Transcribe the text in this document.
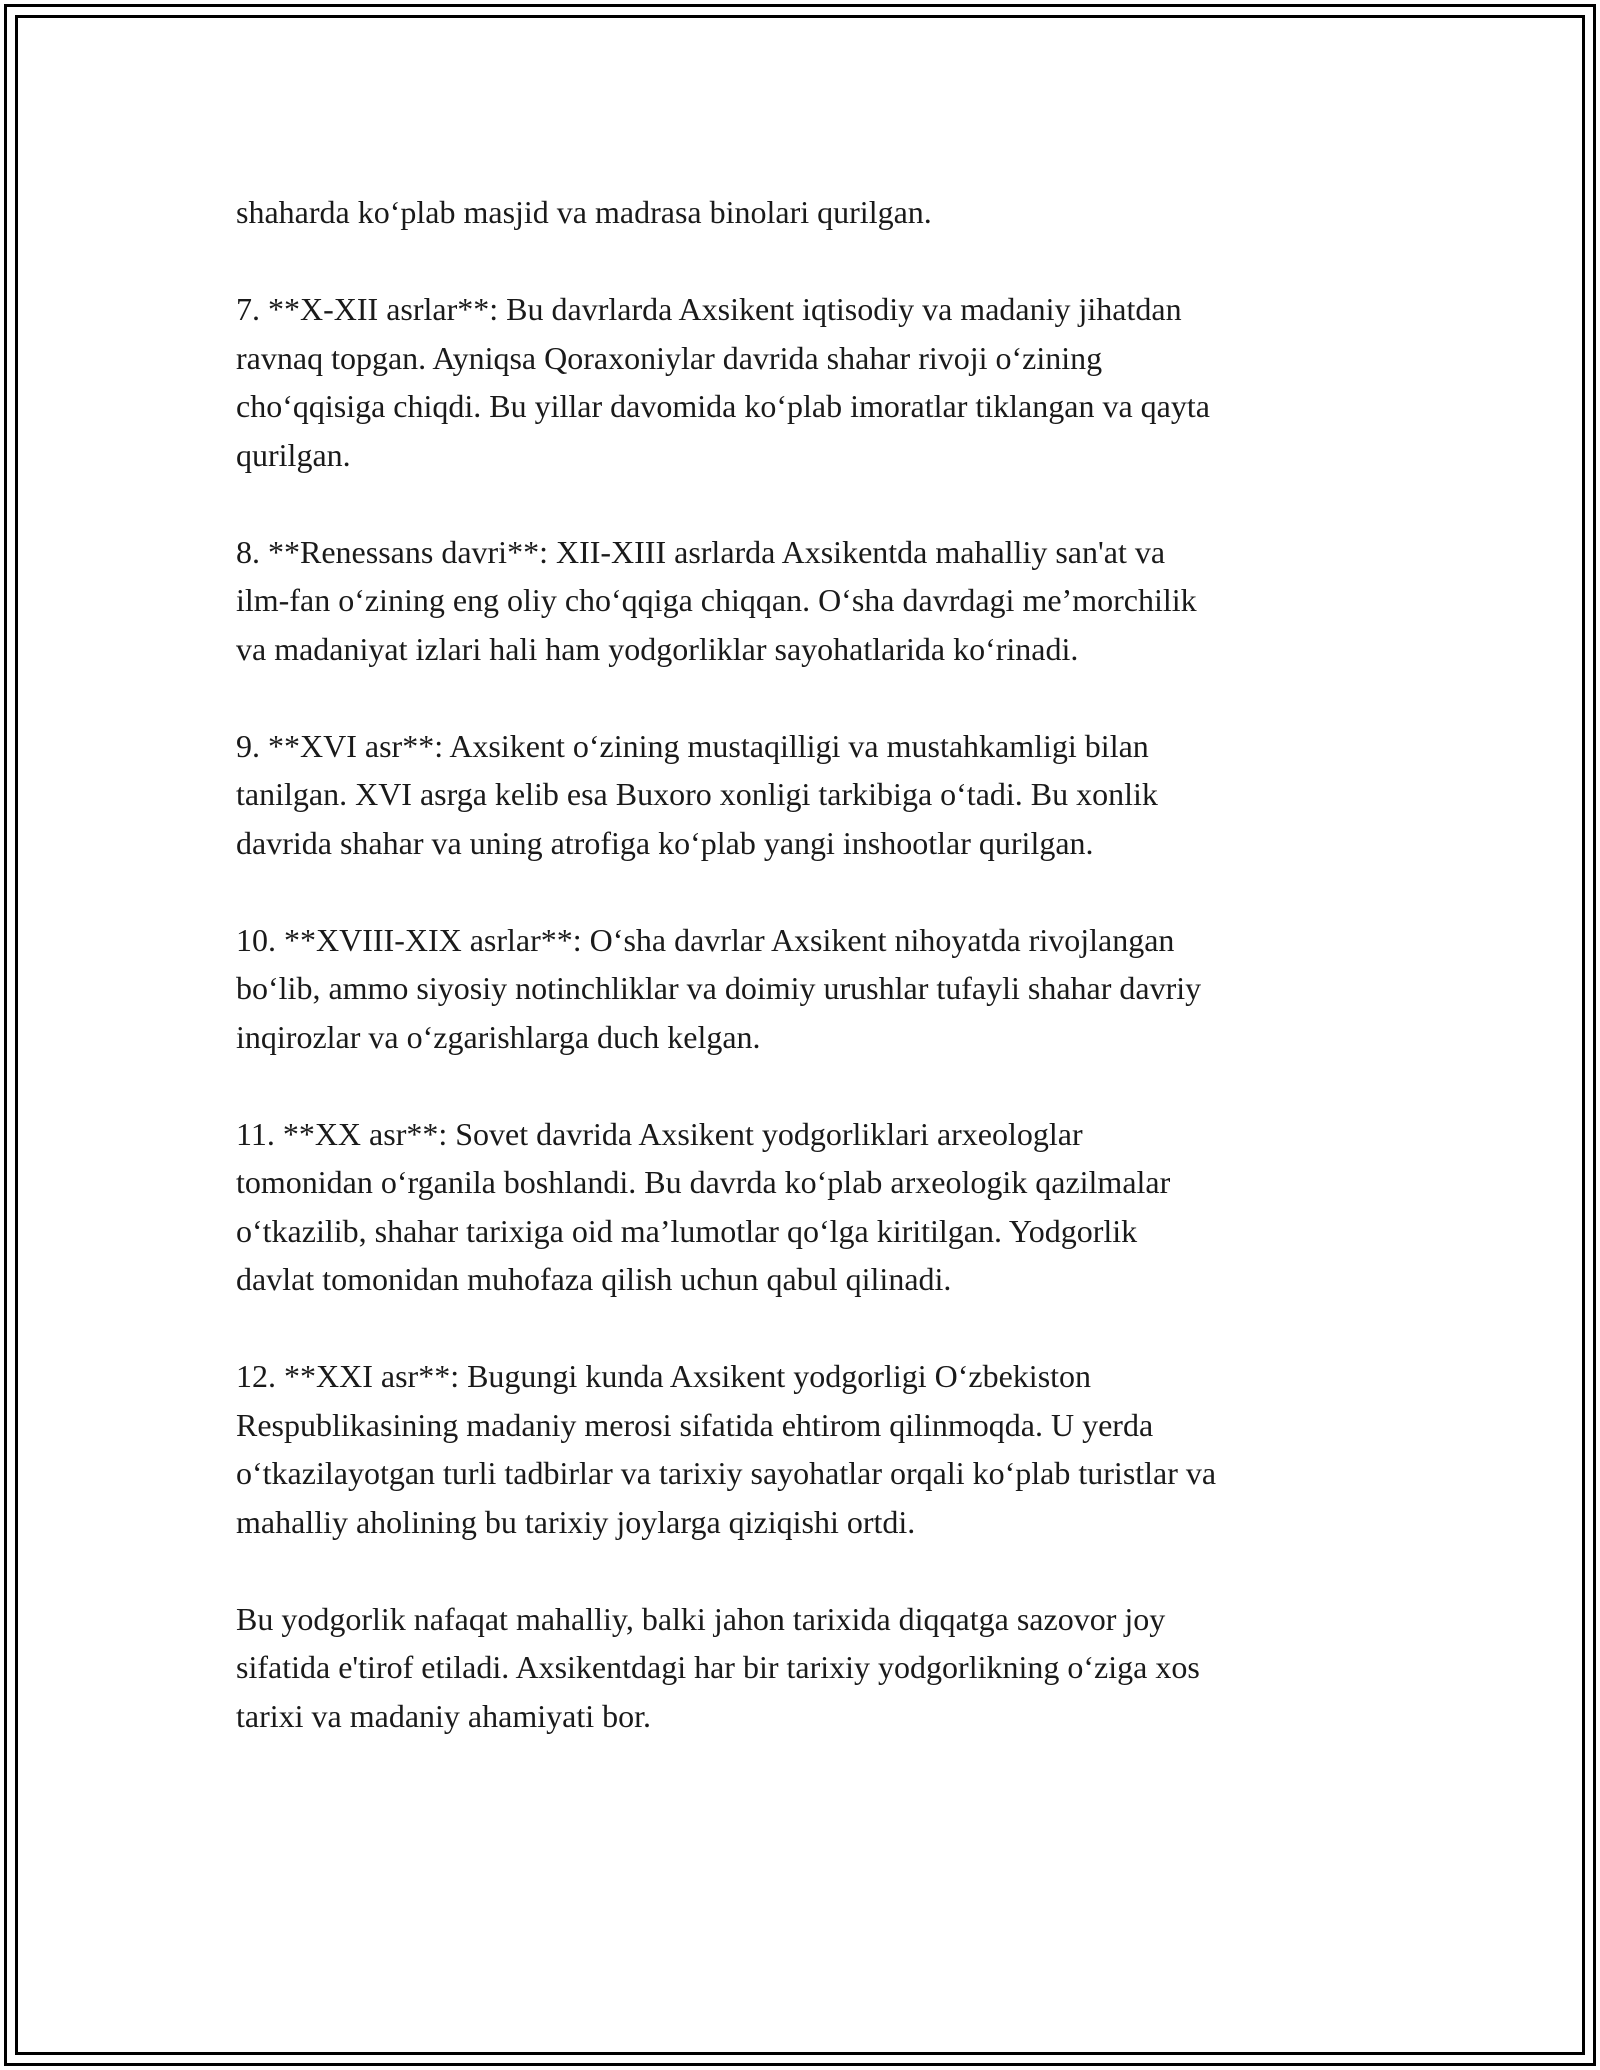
shaharda ko‘plab masjid va madrasa binolari qurilgan.

7. **X-XII asrlar**: Bu davrlarda Axsikent iqtisodiy va madaniy jihatdan
ravnaq topgan. Ayniqsa Qoraxoniylar davrida shahar rivoji o‘zining
cho‘qqisiga chiqdi. Bu yillar davomida ko‘plab imoratlar tiklangan va qayta
qurilgan.

8. **Renessans davri**: XII-XIII asrlarda Axsikentda mahalliy san'at va
ilm-fan o‘zining eng oliy cho‘qqiga chiqqan. O‘sha davrdagi me’morchilik
va madaniyat izlari hali ham yodgorliklar sayohatlarida ko‘rinadi.

9. **XVI asr**: Axsikent o‘zining mustaqilligi va mustahkamligi bilan
tanilgan. XVI asrga kelib esa Buxoro xonligi tarkibiga o‘tadi. Bu xonlik
davrida shahar va uning atrofiga ko‘plab yangi inshootlar qurilgan.

10. **XVIII-XIX asrlar**: O‘sha davrlar Axsikent nihoyatda rivojlangan
bo‘lib, ammo siyosiy notinchliklar va doimiy urushlar tufayli shahar davriy
inqirozlar va o‘zgarishlarga duch kelgan.

11. **XX asr**: Sovet davrida Axsikent yodgorliklari arxeologlar
tomonidan o‘rganila boshlandi. Bu davrda ko‘plab arxeologik qazilmalar
o‘tkazilib, shahar tarixiga oid ma’lumotlar qo‘lga kiritilgan. Yodgorlik
davlat tomonidan muhofaza qilish uchun qabul qilinadi.

12. **XXI asr**: Bugungi kunda Axsikent yodgorligi O‘zbekiston
Respublikasining madaniy merosi sifatida ehtirom qilinmoqda. U yerda
o‘tkazilayotgan turli tadbirlar va tarixiy sayohatlar orqali ko‘plab turistlar va
mahalliy aholining bu tarixiy joylarga qiziqishi ortdi.

Bu yodgorlik nafaqat mahalliy, balki jahon tarixida diqqatga sazovor joy
sifatida e'tirof etiladi. Axsikentdagi har bir tarixiy yodgorlikning o‘ziga xos
tarixi va madaniy ahamiyati bor.
